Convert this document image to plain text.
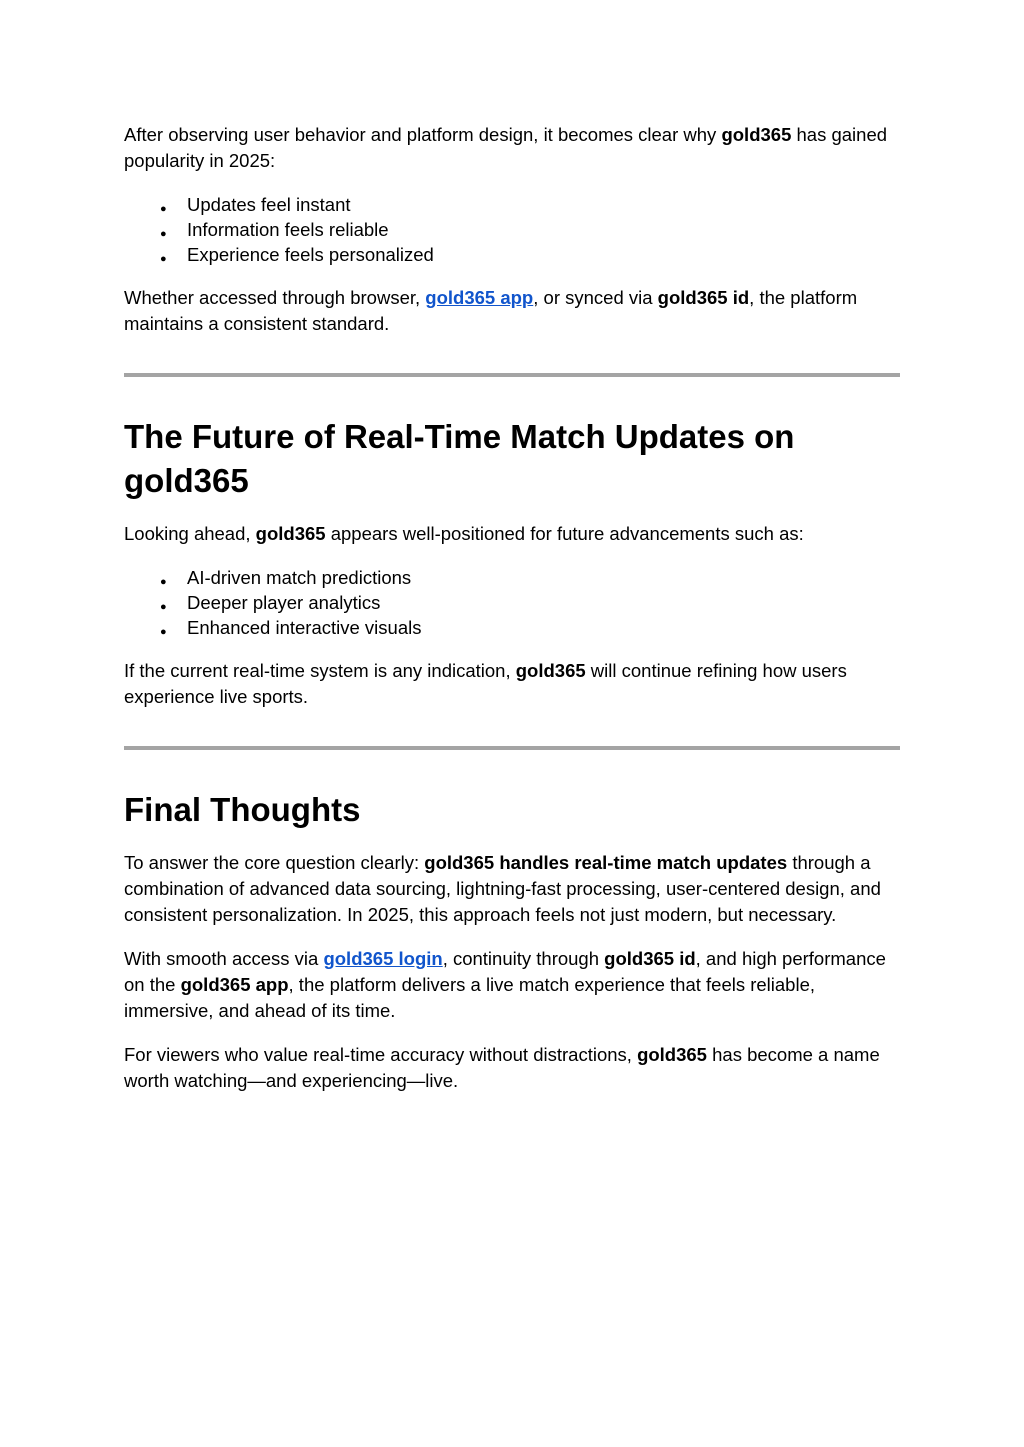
After observing user behavior and platform design, it becomes clear why gold365 has gained popularity in 2025:

● Updates feel instant
● Information feels reliable
● Experience feels personalized

Whether accessed through browser, gold365 app, or synced via gold365 id, the platform maintains a consistent standard.

The Future of Real-Time Match Updates on gold365

Looking ahead, gold365 appears well-positioned for future advancements such as:

● AI-driven match predictions
● Deeper player analytics
● Enhanced interactive visuals

If the current real-time system is any indication, gold365 will continue refining how users experience live sports.

Final Thoughts

To answer the core question clearly: gold365 handles real-time match updates through a combination of advanced data sourcing, lightning-fast processing, user-centered design, and consistent personalization. In 2025, this approach feels not just modern, but necessary.

With smooth access via gold365 login, continuity through gold365 id, and high performance on the gold365 app, the platform delivers a live match experience that feels reliable, immersive, and ahead of its time.

For viewers who value real-time accuracy without distractions, gold365 has become a name worth watching—and experiencing—live.
